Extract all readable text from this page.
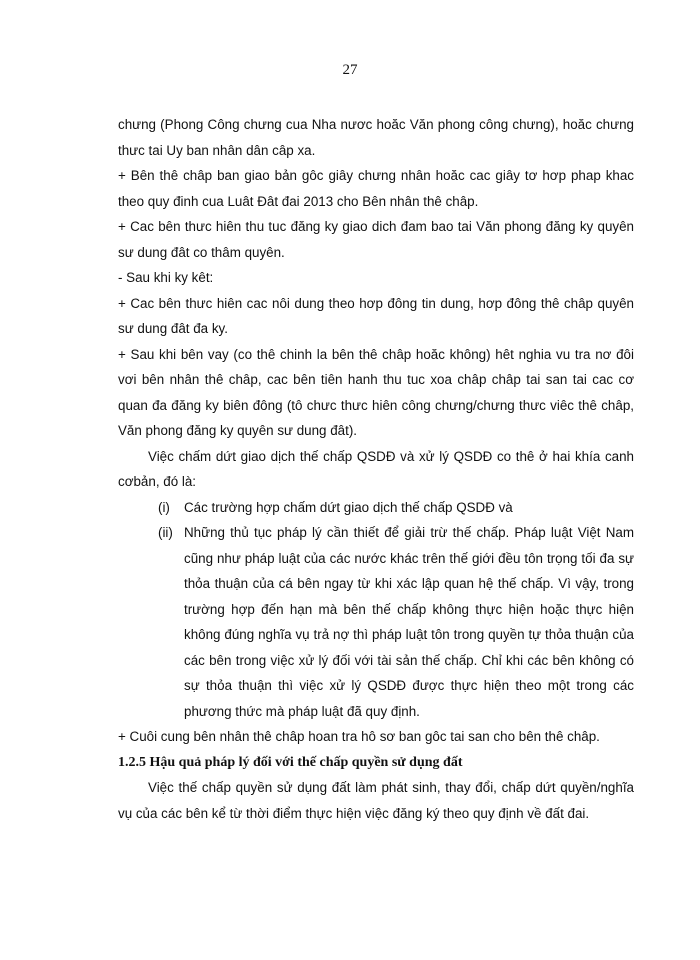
27

chưng (Phong Công chưng cua Nha nươc hoăc Văn phong công chưng), hoăc chưng thưc tai Uy ban nhân dân câp xa.

+ Bên thê châp ban giao bản gôc giây chưng nhân hoăc cac giây tơ hơp phap khac theo quy đinh cua Luât Đât đai 2013 cho Bên nhân thê châp.

+ Cac bên thưc hiên thu tuc đăng ky giao dich đam bao tai Văn phong đăng ky quyên sư dung đât co thâm quyên.

- Sau khi ky kêt:

+ Cac bên thưc hiên cac nôi dung theo hơp đông tin dung, hơp đông thê châp quyên sư dung đât đa ky.

+ Sau khi bên vay (co thê chinh la bên thê châp hoăc không) hêt nghia vu tra nơ đôi vơi bên nhân thê châp, cac bên tiên hanh thu tuc xoa châp châp tai san tai cac cơ quan đa đăng ky biên đông (tô chưc thưc hiên công chưng/chưng thưc viêc thê châp, Văn phong đăng ky quyên sư dung đât).

Việc chấm dứt giao dịch thế chấp QSDĐ và xử lý QSDĐ co thê ở hai khía canh cơbản, đó là:

(i) Các trường hợp chấm dứt giao dịch thế chấp QSDĐ và
(ii) Những thủ tục pháp lý cần thiết để giải trừ thế chấp. Pháp luật Việt Nam cũng như pháp luật của các nước khác trên thế giới đều tôn trọng tối đa sự thỏa thuận của cá bên ngay từ khi xác lập quan hệ thế chấp. Vì vậy, trong trường hợp đến hạn mà bên thế chấp không thực hiện hoặc thực hiện không đúng nghĩa vụ trả nợ thì pháp luật tôn trong quyền tự thỏa thuận của các bên trong việc xử lý đối với tài sản thế chấp. Chỉ khi các bên không có sự thỏa thuận thì việc xử lý QSDĐ được thực hiện theo một trong các phương thức mà pháp luật đã quy định.

+ Cuôi cung bên nhân thê châp hoan tra hô sơ ban gôc tai san cho bên thê châp.

1.2.5 Hậu quả pháp lý đối với thế chấp quyền sử dụng đất

Việc thế chấp quyền sử dụng đất làm phát sinh, thay đổi, chấp dứt quyền/nghĩa vụ của các bên kể từ thời điểm thực hiện việc đăng ký theo quy định về đất đai.
